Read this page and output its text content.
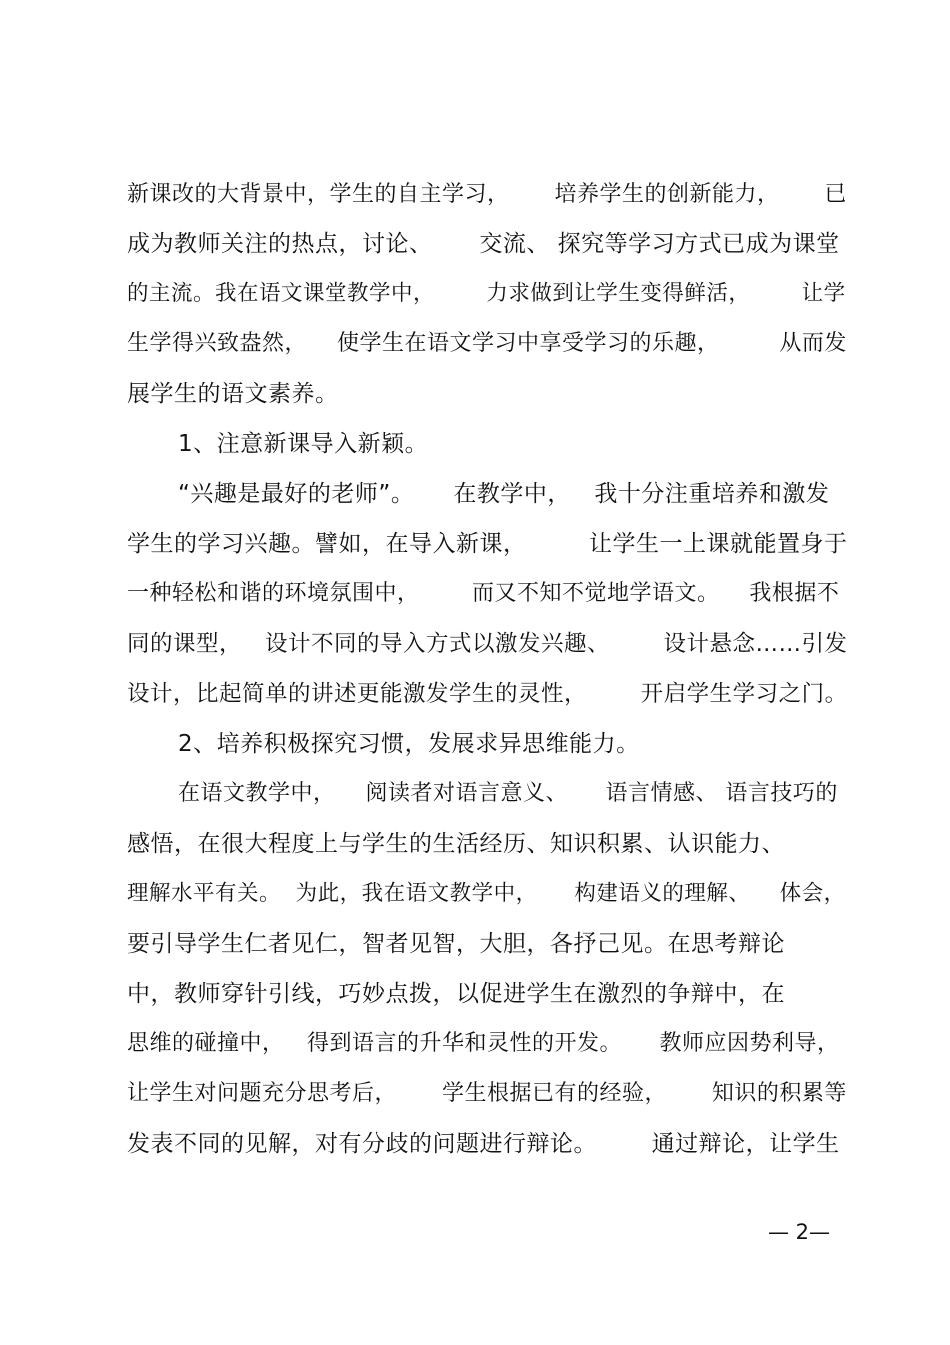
新课改的大背景中，学生的自主学习，      培养学生的创新能力，      已
成为教师关注的热点，讨论、      交流、 探究等学习方式已成为课堂
的主流。我在语文课堂教学中，       力求做到让学生变得鲜活，       让学
生学得兴致盎然，    使学生在语文学习中享受学习的乐趣，        从而发
展学生的语文素养。
1、注意新课导入新颖。
“兴趣是最好的老师”。     在教学中，   我十分注重培养和激发
学生的学习兴趣。譬如，在导入新课，        让学生一上课就能置身于
一种轻松和谐的环境氛围中，       而又不知不觉地学语文。    我根据不
同的课型，   设计不同的导入方式以激发兴趣、       设计悬念……引发
设计，比起简单的讲述更能激发学生的灵性，       开启学生学习之门。
2、培养积极探究习惯，发展求异思维能力。
在语文教学中，    阅读者对语言意义、     语言情感、 语言技巧的
感悟，在很大程度上与学生的生活经历、知识积累、认识能力、
理解水平有关。  为此，我在语文教学中，     构建语义的理解、    体会，
要引导学生仁者见仁，智者见智，大胆，各抒己见。在思考辩论
中，教师穿针引线，巧妙点拨，以促进学生在激烈的争辩中，在
思维的碰撞中，   得到语言的升华和灵性的开发。     教师应因势利导，
让学生对问题充分思考后，      学生根据已有的经验，      知识的积累等
发表不同的见解，对有分歧的问题进行辩论。       通过辩论，让学生
— 2—
